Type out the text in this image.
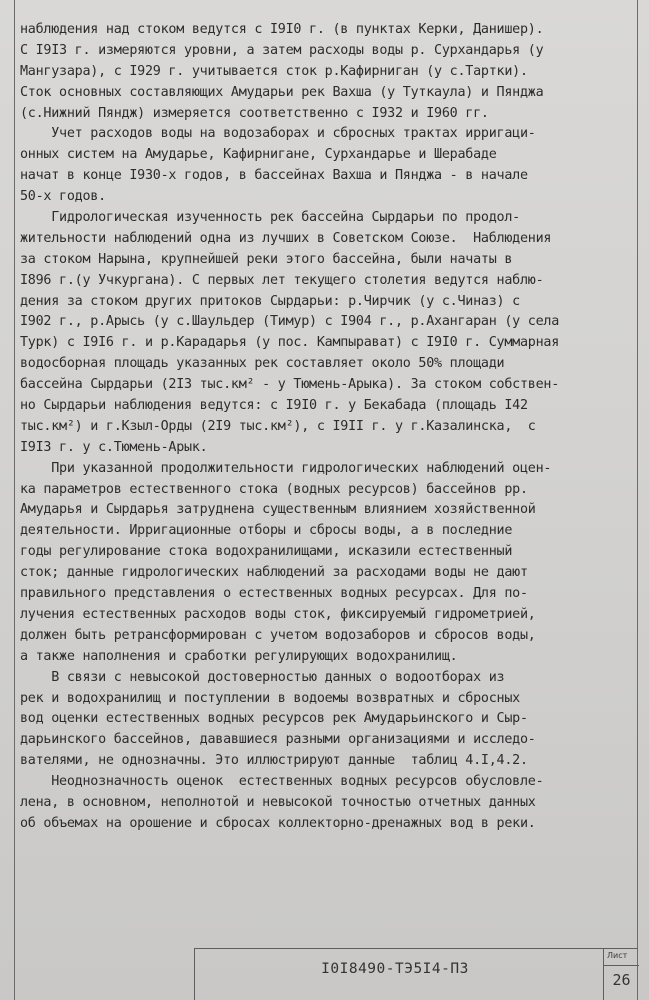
наблюдения над стоком ведутся с I9I0 г. (в пунктах Керки, Данишер).
С I9I3 г. измеряются уровни, а затем расходы воды р. Сурхандарья (у
Мангузара), с I929 г. учитывается сток р.Кафирниган (у с.Тартки).
Сток основных составляющих Амударьи рек Вахша (у Туткаула) и Пянджа
(с.Нижний Пяндж) измеряется соответственно с I932 и I960 гг.
Учет расходов воды на водозаборах и сбросных трактах ирригаци-
онных систем на Амударье, Кафирнигане, Сурхандарье и Шерабаде
начат в конце I930-х годов, в бассейнах Вахша и Пянджа - в начале
50-х годов.
Гидрологическая изученность рек бассейна Сырдарьи по продол-
жительности наблюдений одна из лучших в Советском Союзе.  Наблюдения
за стоком Нарына, крупнейшей реки этого бассейна, были начаты в
I896 г.(у Учкургана). С первых лет текущего столетия ведутся наблю-
дения за стоком других притоков Сырдарьи: р.Чирчик (у с.Чиназ) с
I902 г., р.Арысь (у с.Шаульдер (Тимур) с I904 г., р.Ахангаран (у села
Турк) с I9I6 г. и р.Карадарья (у пос. Кампырават) с I9I0 г. Суммарная
водосборная площадь указанных рек составляет около 50% площади
бассейна Сырдарьи (2I3 тыс.км² - у Тюмень-Арыка). За стоком собствен-
но Сырдарьи наблюдения ведутся: с I9I0 г. у Бекабада (площадь I42
тыс.км²) и г.Кзыл-Орды (2I9 тыс.км²), с I9II г. у г.Казалинска,  с
I9I3 г. у с.Тюмень-Арык.
При указанной продолжительности гидрологических наблюдений оцен-
ка параметров естественного стока (водных ресурсов) бассейнов рр.
Амударья и Сырдарья затруднена существенным влиянием хозяйственной
деятельности. Ирригационные отборы и сбросы воды, а в последние
годы регулирование стока водохранилищами, исказили естественный
сток; данные гидрологических наблюдений за расходами воды не дают
правильного представления о естественных водных ресурсах. Для по-
лучения естественных расходов воды сток, фиксируемый гидрометрией,
должен быть ретрансформирован с учетом водозаборов и сбросов воды,
а также наполнения и сработки регулирующих водохранилищ.
В связи с невысокой достоверностью данных о водоотборах из
рек и водохранилищ и поступлении в водоемы возвратных и сбросных
вод оценки естественных водных ресурсов рек Амударьинского и Сыр-
дарьинского бассейнов, дававшиеся разными организациями и исследо-
вателями, не однозначны. Это иллюстрируют данные  таблиц 4.I,4.2.
Неоднозначность оценок  естественных водных ресурсов обусловле-
лена, в основном, неполнотой и невысокой точностью отчетных данных
об объемах на орошение и сбросах коллекторно-дренажных вод в реки.
I0I8490-ТЭ5I4-ПЗ
Лист
26
